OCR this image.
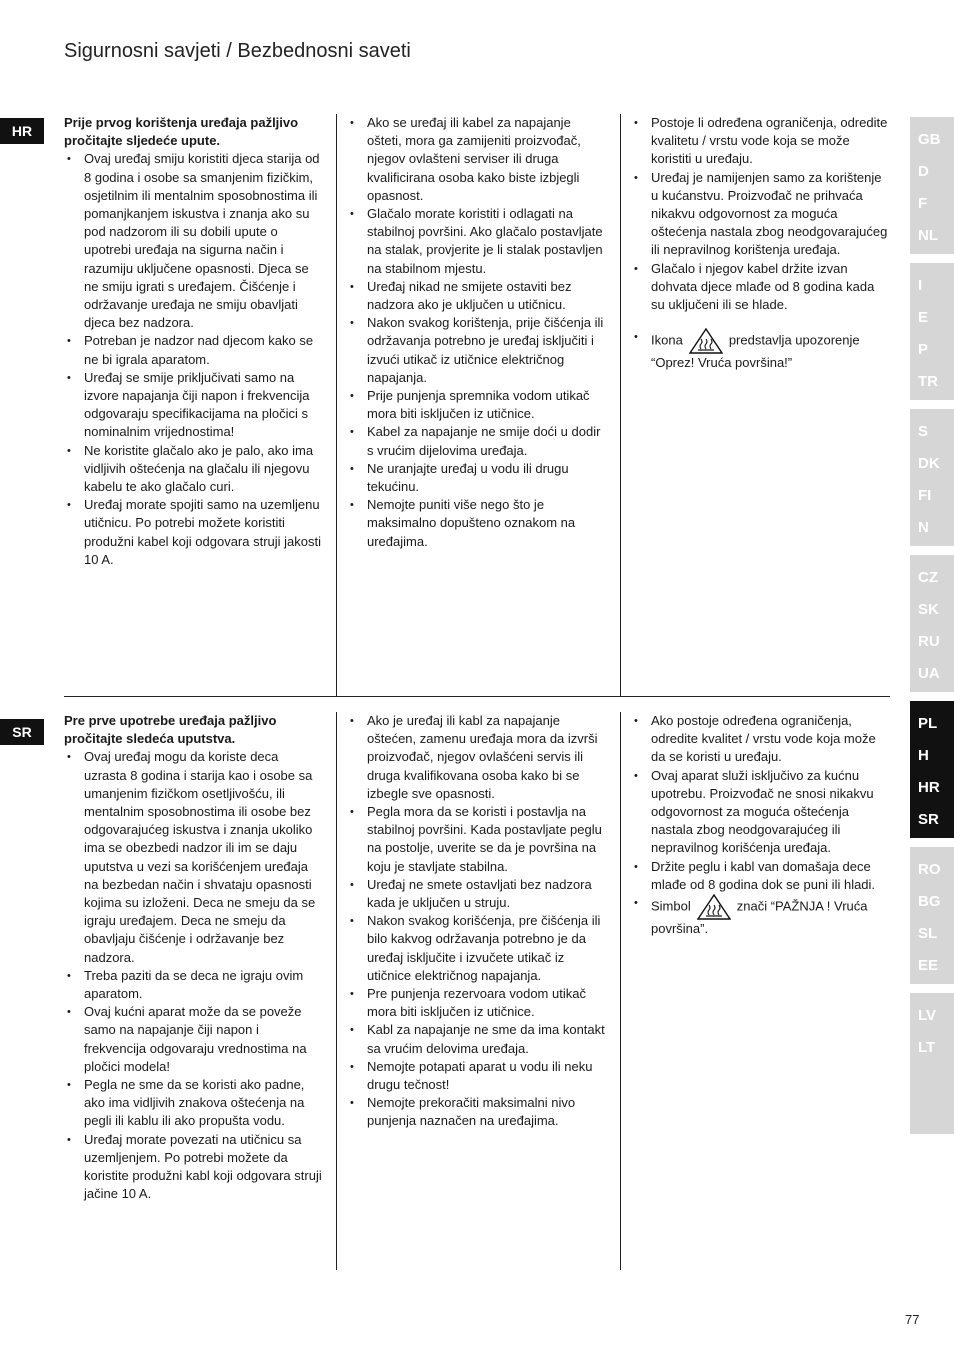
Sigurnosni savjeti / Bezbednosni saveti
HR

Prije prvog korištenja uređaja pažljivo pročitajte sljedeće upute.

• Ovaj uređaj smiju koristiti djeca starija od 8 godina i osobe sa smanjenim fizičkim, osjetilnim ili mentalnim sposobnostima ili pomanjkanjem iskustva i znanja ako su pod nadzorom ili su dobili upute o upotrebi uređaja na sigurna način i razumiju uključene opasnosti. Djeca se ne smiju igrati s uređajem. Čišćenje i održavanje uređaja ne smiju obavljati djeca bez nadzora.
• Potreban je nadzor nad djecom kako se ne bi igrala aparatom.
• Uređaj se smije priključivati samo na izvore napajanja čiji napon i frekvencija odgovaraju specifikacijama na pločici s nominalnim vrijednostima!
• Ne koristite glačalo ako je palo, ako ima vidljivih oštećenja na glačalu ili njegovu kabelu te ako glačalo curi.
• Uređaj morate spojiti samo na uzemljenu utičnicu. Po potrebi možete koristiti produžni kabel koji odgovara struji jakosti 10 A.
• Ako se uređaj ili kabel za napajanje ošteti, mora ga zamijeniti proizvođač, njegov ovlašteni serviser ili druga kvalificirana osoba kako biste izbjegli opasnost.
• Glačalo morate koristiti i odlagati na stabilnoj površini. Ako glačalo postavljate na stalak, provjerite je li stalak postavljen na stabilnom mjestu.
• Uređaj nikad ne smijete ostaviti bez nadzora ako je uključen u utičnicu.
• Nakon svakog korištenja, prije čišćenja ili održavanja potrebno je uređaj isključiti i izvući utikač iz utičnice električnog napajanja.
• Prije punjenja spremnika vodom utikač mora biti isključen iz utičnice.
• Kabel za napajanje ne smije doći u dodir s vrućim dijelovima uređaja.
• Ne uranjajte uređaj u vodu ili drugu tekućinu.
• Nemojte puniti više nego što je maksimalno dopušteno oznakom na uređajima.
• Postoje li određena ograničenja, odredite kvalitetu / vrstu vode koja se može koristiti u uređaju.
• Uređaj je namijenjen samo za korištenje u kućanstvu. Proizvođač ne prihvaća nikakvu odgovornost za moguća oštećenja nastala zbog neodgovarajućeg ili nepravilnog korištenja uređaja.
• Glačalo i njegov kabel držite izvan dohvata djece mlađe od 8 godina kada su uključeni ili se hlade.
• Ikona	predstavlja upozorenje “Oprez! Vruća površina!”
SR

Pre prve upotrebe uređaja pažljivo pročitajte sledeća uputstva.

• Ovaj uređaj mogu da koriste deca uzrasta 8 godina i starija kao i osobe sa umanjenim fizičkom osetljivošću, ili mentalnim sposobnostima ili osobe bez odgovarajućeg iskustva i znanja ukoliko ima se obezbedi nadzor ili im se daju uputstva u vezi sa korišćenjem uređaja na bezbedan način i shvataju opasnosti kojima su izloženi. Deca ne smeju da se igraju uređajem. Deca ne smeju da obavljaju čišćenje i održavanje bez nadzora.
• Treba paziti da se deca ne igraju ovim aparatom.
• Ovaj kućni aparat može da se poveže samo na napajanje čiji napon i frekvencija odgovaraju vrednostima na pločici modela!
• Pegla ne sme da se koristi ako padne, ako ima vidljivih znakova oštećenja na pegli ili kablu ili ako propušta vodu.
• Uređaj morate povezati na utičnicu sa uzemljenjem. Po potrebi možete da koristite produžni kabl koji odgovara struji jačine 10 A.
• Ako je uređaj ili kabl za napajanje oštećen, zamenu uređaja mora da izvrši proizvođač, njegov ovlašćeni servis ili druga kvalifikovana osoba kako bi se izbegle sve opasnosti.
• Pegla mora da se koristi i postavlja na stabilnoj površini. Kada postavljate peglu na postolje, uverite se da je površina na koju je stavljate stabilna.
• Uređaj ne smete ostavljati bez nadzora kada je uključen u struju.
• Nakon svakog korišćenja, pre čišćenja ili bilo kakvog održavanja potrebno je da uređaj isključite i izvučete utikač iz utičnice električnog napajanja.
• Pre punjenja rezervoara vodom utikač mora biti isključen iz utičnice.
• Kabl za napajanje ne sme da ima kontakt sa vrućim delovima uređaja.
• Nemojte potapati aparat u vodu ili neku drugu tečnost!
• Nemojte prekoračiti maksimalni nivo punjenja naznačen na uređajima.
• Ako postoje određena ograničenja, odredite kvalitet / vrstu vode koja može da se koristi u uređaju.
• Ovaj aparat služi isključivo za kućnu upotrebu. Proizvođač ne snosi nikakvu odgovornost za moguća oštećenja nastala zbog neodgovarajućeg ili nepravilnog korišćenja uređaja.
• Držite peglu i kabl van domašaja dece mlađe od 8 godina dok se puni ili hladi.
• Simbol	znači “PAŽNJA ! Vruća površina”.
GB
D
F
NL
I
E
P
TR
S
DK
FI
N
CZ
SK
RU
UA
PL
H
HR
SR
RO
BG
SL
EE
LV
LT
77
